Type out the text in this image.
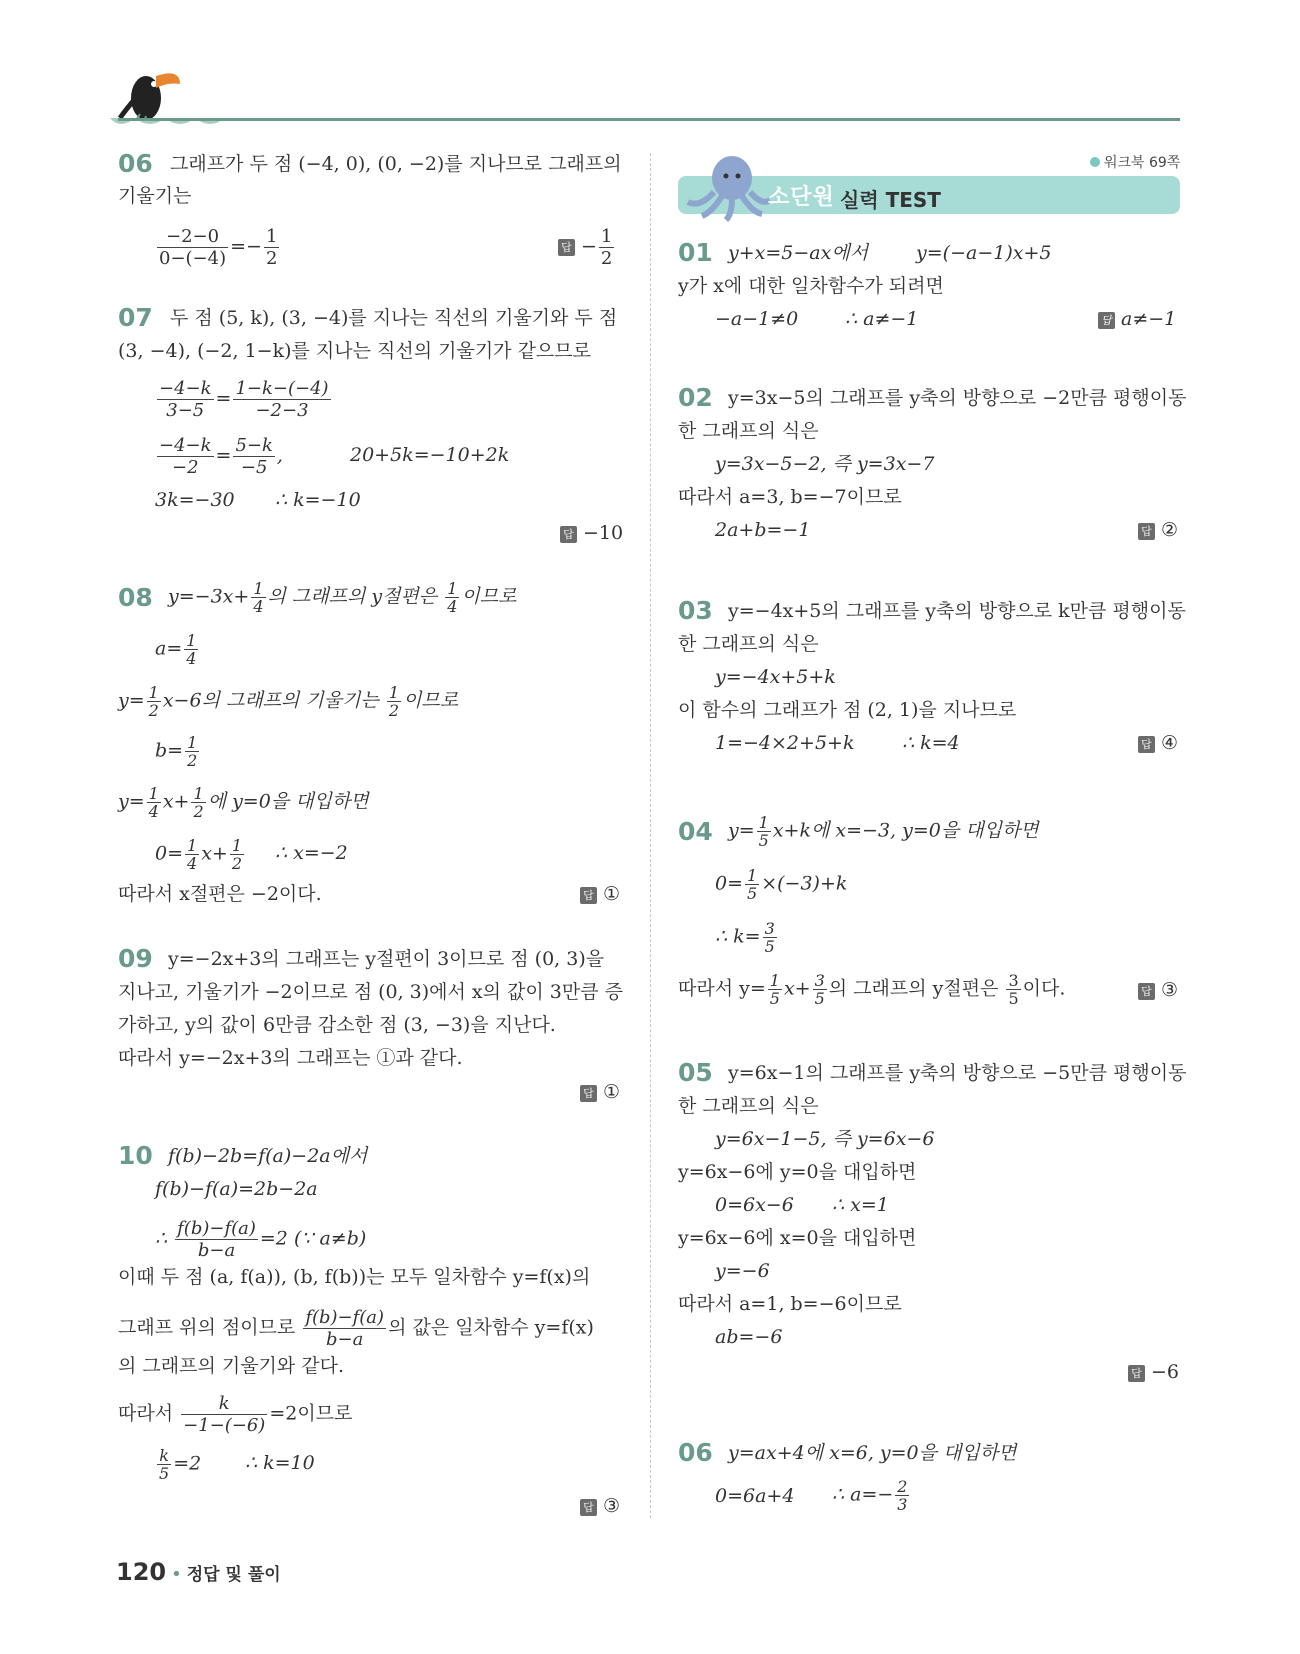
06 그래프가 두 점 (−4, 0), (0, −2)를 지나므로 그래프의
기울기는
$\frac{-2-0}{0-(-4)} =- \frac{1}{2}$	답 − $\frac{1}{2}$
07 두 점 (5, k), (3, −4)를 지나는 직선의 기울기와 두 점
(3, −4), (−2, 1−k)를 지나는 직선의 기울기가 같으므로
$\frac{-4-k}{3-5} = \frac{1-k-(-4)}{-2-3}$
$\frac{-4-k}{-2} = \frac{5-k}{-5}$ ,	20+5k=−10+2k
3k=−30 ∴ k=−10
답 −10
08 $y=-3x+ \frac{1}{4}$ 의 그래프의 y절편은 $\frac{1}{4}$ 이므로
$a= \frac{1}{4}$
$y= \frac{1}{2} x-6$의 그래프의 기울기는 $\frac{1}{2}$ 이므로
$b= \frac{1}{2}$
$y= \frac{1}{4} x+ \frac{1}{2}$ 에 y=0을 대입하면
$0= \frac{1}{4} x+ \frac{1}{2}$ ∴ x=−2
따라서 x절편은 −2이다.	답 ①
09 y=−2x+3의 그래프는 y절편이 3이므로 점 (0, 3)을
지나고, 기울기가 −2이므로 점 (0, 3)에서 x의 값이 3만큼 증
가하고, y의 값이 6만큼 감소한 점 (3, −3)을 지난다.
따라서 y=−2x+3의 그래프는 ①과 같다.
답 ①
10 f(b)−2b=f(a)−2a에서
f(b)−f(a)=2b−2a
∴ $\frac{f(b)-f(a)}{b-a} =2$ (∵ a≠b)
이때 두 점 (a, f(a)), (b, f(b))는 모두 일차함수 y=f(x)의
그래프 위의 점이므로 $\frac{f(b)-f(a)}{b-a}$ 의 값은 일차함수 y=f(x)
의 그래프의 기울기와 같다.
따라서 $\frac{k}{-1-(-6)} =2$이므로
$\frac{k}{5} =2$ ∴ k=10
답 ③
워크북 69쪽
소단원 실력 TEST
01 y+x=5−ax에서	y=(−a−1)x+5
y가 x에 대한 일차함수가 되려면
−a−1≠0 ∴ a≠−1	답 a≠−1
02 y=3x−5의 그래프를 y축의 방향으로 −2만큼 평행이동
한 그래프의 식은
y=3x−5−2, 즉 y=3x−7
따라서 a=3, b=−7이므로
2a+b=−1	답 ②
03 y=−4x+5의 그래프를 y축의 방향으로 k만큼 평행이동
한 그래프의 식은
y=−4x+5+k
이 함수의 그래프가 점 (2, 1)을 지나므로
1=−4×2+5+k	∴ k=4	답 ④
04 $y= \frac{1}{5} x+k$에 x=−3, y=0을 대입하면
$0= \frac{1}{5} \times(-3)+k$
∴ $k= \frac{3}{5}$
따라서 $y= \frac{1}{5} x+ \frac{3}{5}$ 의 그래프의 y절편은 $\frac{3}{5}$ 이다.	답 ③
05 y=6x−1의 그래프를 y축의 방향으로 −5만큼 평행이동
한 그래프의 식은
y=6x−1−5, 즉 y=6x−6
y=6x−6에 y=0을 대입하면
0=6x−6 ∴ x=1
y=6x−6에 x=0을 대입하면
y=−6
따라서 a=1, b=−6이므로
ab=−6
답 −6
06 y=ax+4에 x=6, y=0을 대입하면
0=6a+4 ∴ $a=- \frac{2}{3}$
120 • 정답 및 풀이
